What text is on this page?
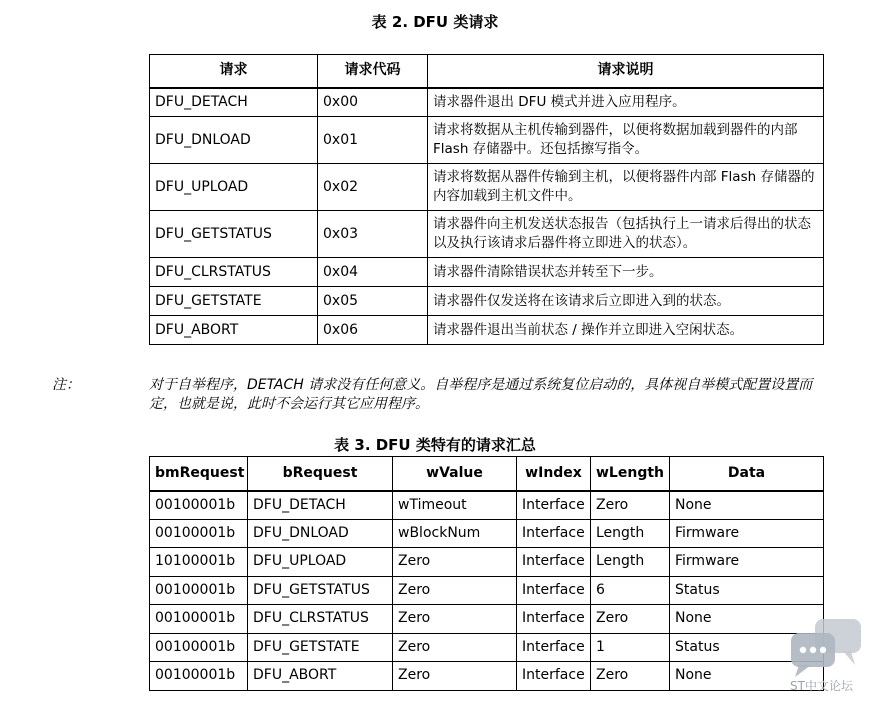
表 2. DFU 类请求
请求	请求代码	请求说明
DFU_DETACH	0x00	请求器件退出 DFU 模式并进入应用程序。
DFU_DNLOAD	0x01	请求将数据从主机传输到器件，以便将数据加载到器件的内部 Flash 存储器中。还包括擦写指令。
DFU_UPLOAD	0x02	请求将数据从器件传输到主机，以便将器件内部 Flash 存储器的内容加载到主机文件中。
DFU_GETSTATUS	0x03	请求器件向主机发送状态报告（包括执行上一请求后得出的状态以及执行该请求后器件将立即进入的状态）。
DFU_CLRSTATUS	0x04	请求器件清除错误状态并转至下一步。
DFU_GETSTATE	0x05	请求器件仅发送将在该请求后立即进入到的状态。
DFU_ABORT	0x06	请求器件退出当前状态 / 操作并立即进入空闲状态。
注：	对于自举程序，DETACH 请求没有任何意义。自举程序是通过系统复位启动的，具体视自举模式配置设置而定，也就是说，此时不会运行其它应用程序。
表 3. DFU 类特有的请求汇总
bmRequest	bRequest	wValue	wIndex	wLength	Data
00100001b	DFU_DETACH	wTimeout	Interface	Zero	None
00100001b	DFU_DNLOAD	wBlockNum	Interface	Length	Firmware
10100001b	DFU_UPLOAD	Zero	Interface	Length	Firmware
00100001b	DFU_GETSTATUS	Zero	Interface	6	Status
00100001b	DFU_CLRSTATUS	Zero	Interface	Zero	None
00100001b	DFU_GETSTATE	Zero	Interface	1	Status
00100001b	DFU_ABORT	Zero	Interface	Zero	None
ST中文论坛
